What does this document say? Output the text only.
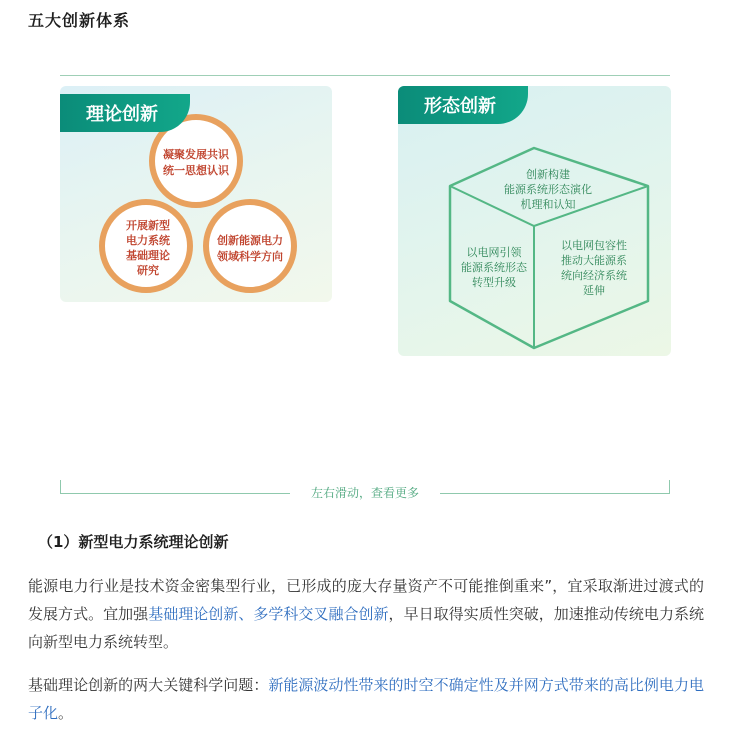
五大创新体系
凝聚发展共识
统一思想认识
开展新型
电力系统
基础理论
研究
创新能源电力
领域科学方向
理论创新
创新构建
能源系统形态演化
机理和认知
以电网引领
能源系统形态
转型升级
以电网包容性
推动大能源系
统向经济系统
延伸
形态创新
左右滑动，查看更多
（1）新型电力系统理论创新
能源电力行业是技术资金密集型行业，已形成的庞大存量资产不可能推倒重来”，宜采取渐进过渡式的发展方式。宜加强基础理论创新、多学科交叉融合创新，早日取得实质性突破，加速推动传统电力系统向新型电力系统转型。
基础理论创新的两大关键科学问题：新能源波动性带来的时空不确定性及并网方式带来的高比例电力电子化。
